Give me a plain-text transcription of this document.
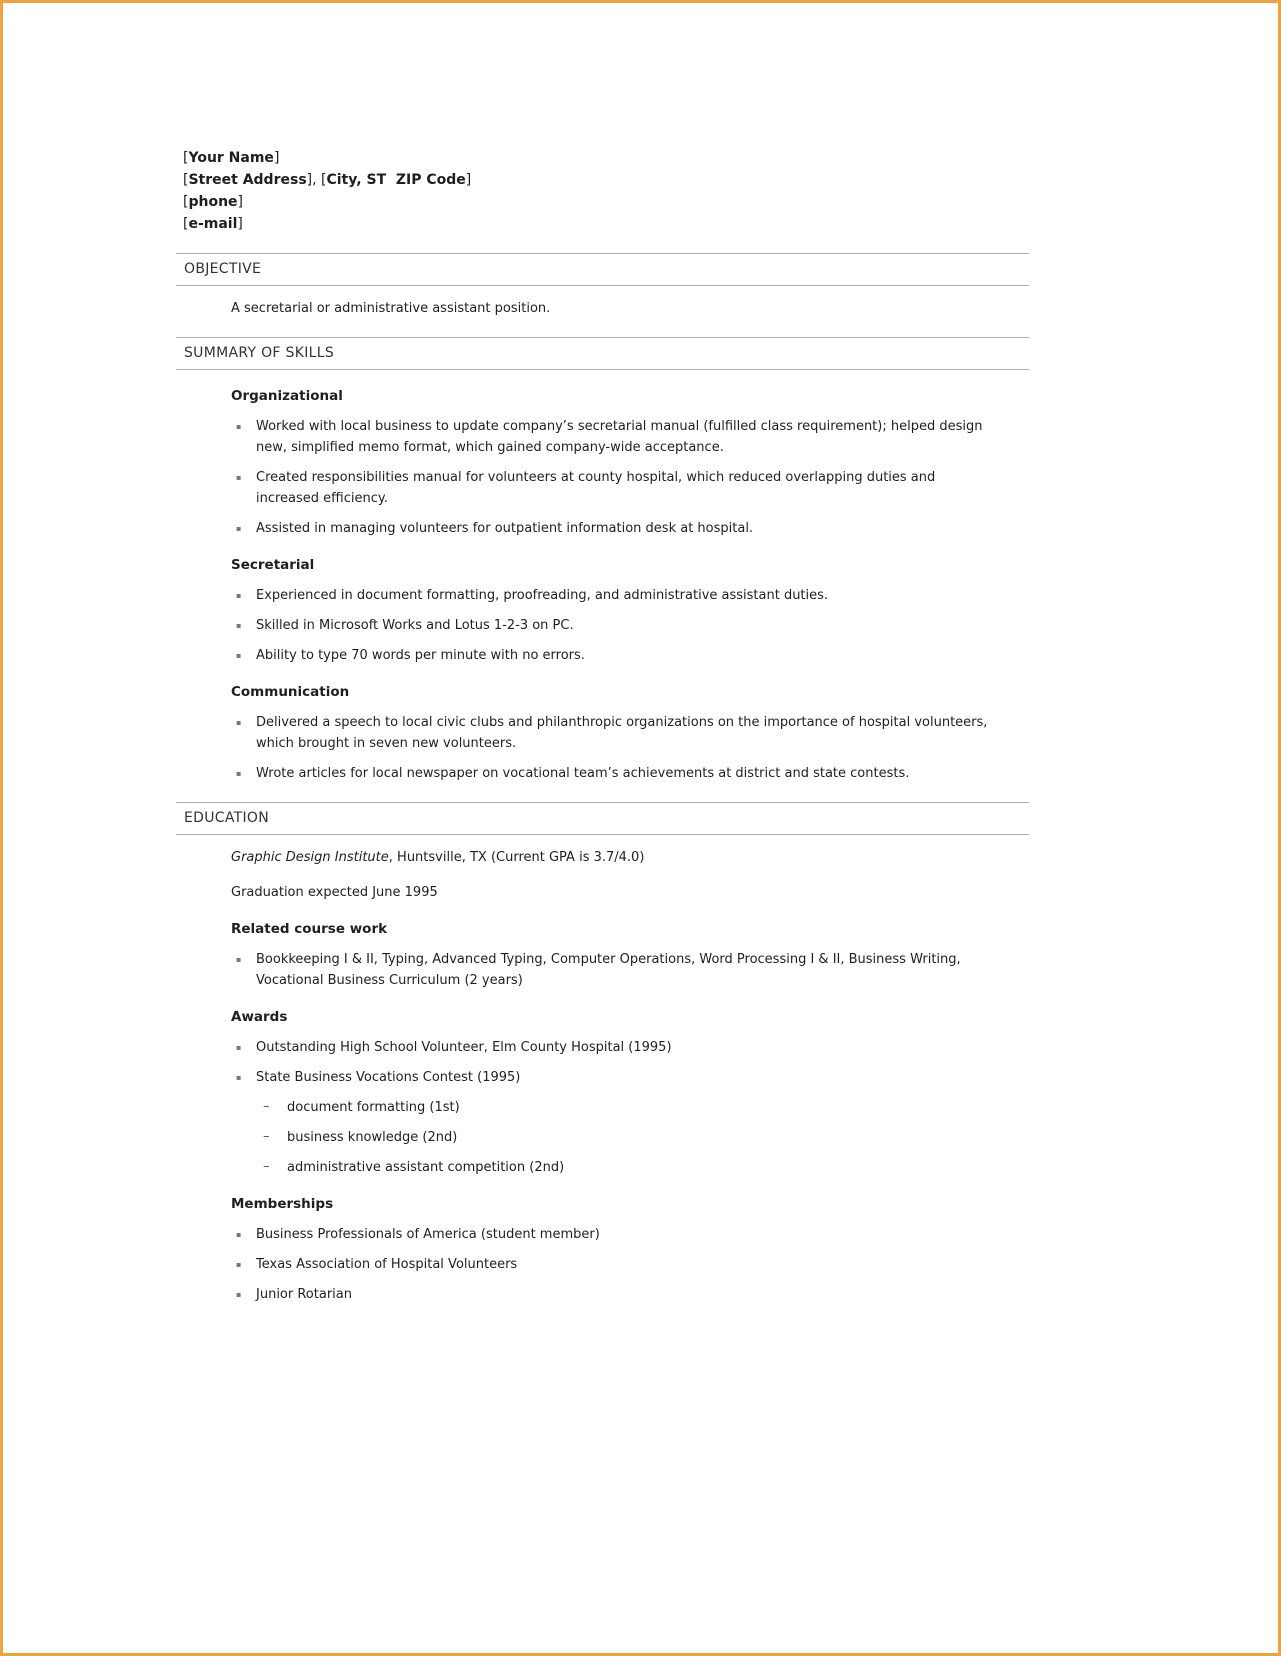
[Your Name]
[Street Address], [City, ST  ZIP Code]
[phone]
[e-mail]
OBJECTIVE
A secretarial or administrative assistant position.
SUMMARY OF SKILLS
Organizational
▪	Worked with local business to update company’s secretarial manual (fulfilled class requirement); helped design new, simplified memo format, which gained company-wide acceptance.
▪	Created responsibilities manual for volunteers at county hospital, which reduced overlapping duties and increased efficiency.
▪	Assisted in managing volunteers for outpatient information desk at hospital.
Secretarial
▪	Experienced in document formatting, proofreading, and administrative assistant duties.
▪	Skilled in Microsoft Works and Lotus 1-2-3 on PC.
▪	Ability to type 70 words per minute with no errors.
Communication
▪	Delivered a speech to local civic clubs and philanthropic organizations on the importance of hospital volunteers, which brought in seven new volunteers.
▪	Wrote articles for local newspaper on vocational team’s achievements at district and state contests.
EDUCATION
Graphic Design Institute, Huntsville, TX (Current GPA is 3.7/4.0)
Graduation expected June 1995
Related course work
▪	Bookkeeping I & II, Typing, Advanced Typing, Computer Operations, Word Processing I & II, Business Writing, Vocational Business Curriculum (2 years)
Awards
▪	Outstanding High School Volunteer, Elm County Hospital (1995)
▪	State Business Vocations Contest (1995)
–	document formatting (1st)
–	business knowledge (2nd)
–	administrative assistant competition (2nd)
Memberships
▪	Business Professionals of America (student member)
▪	Texas Association of Hospital Volunteers
▪	Junior Rotarian
